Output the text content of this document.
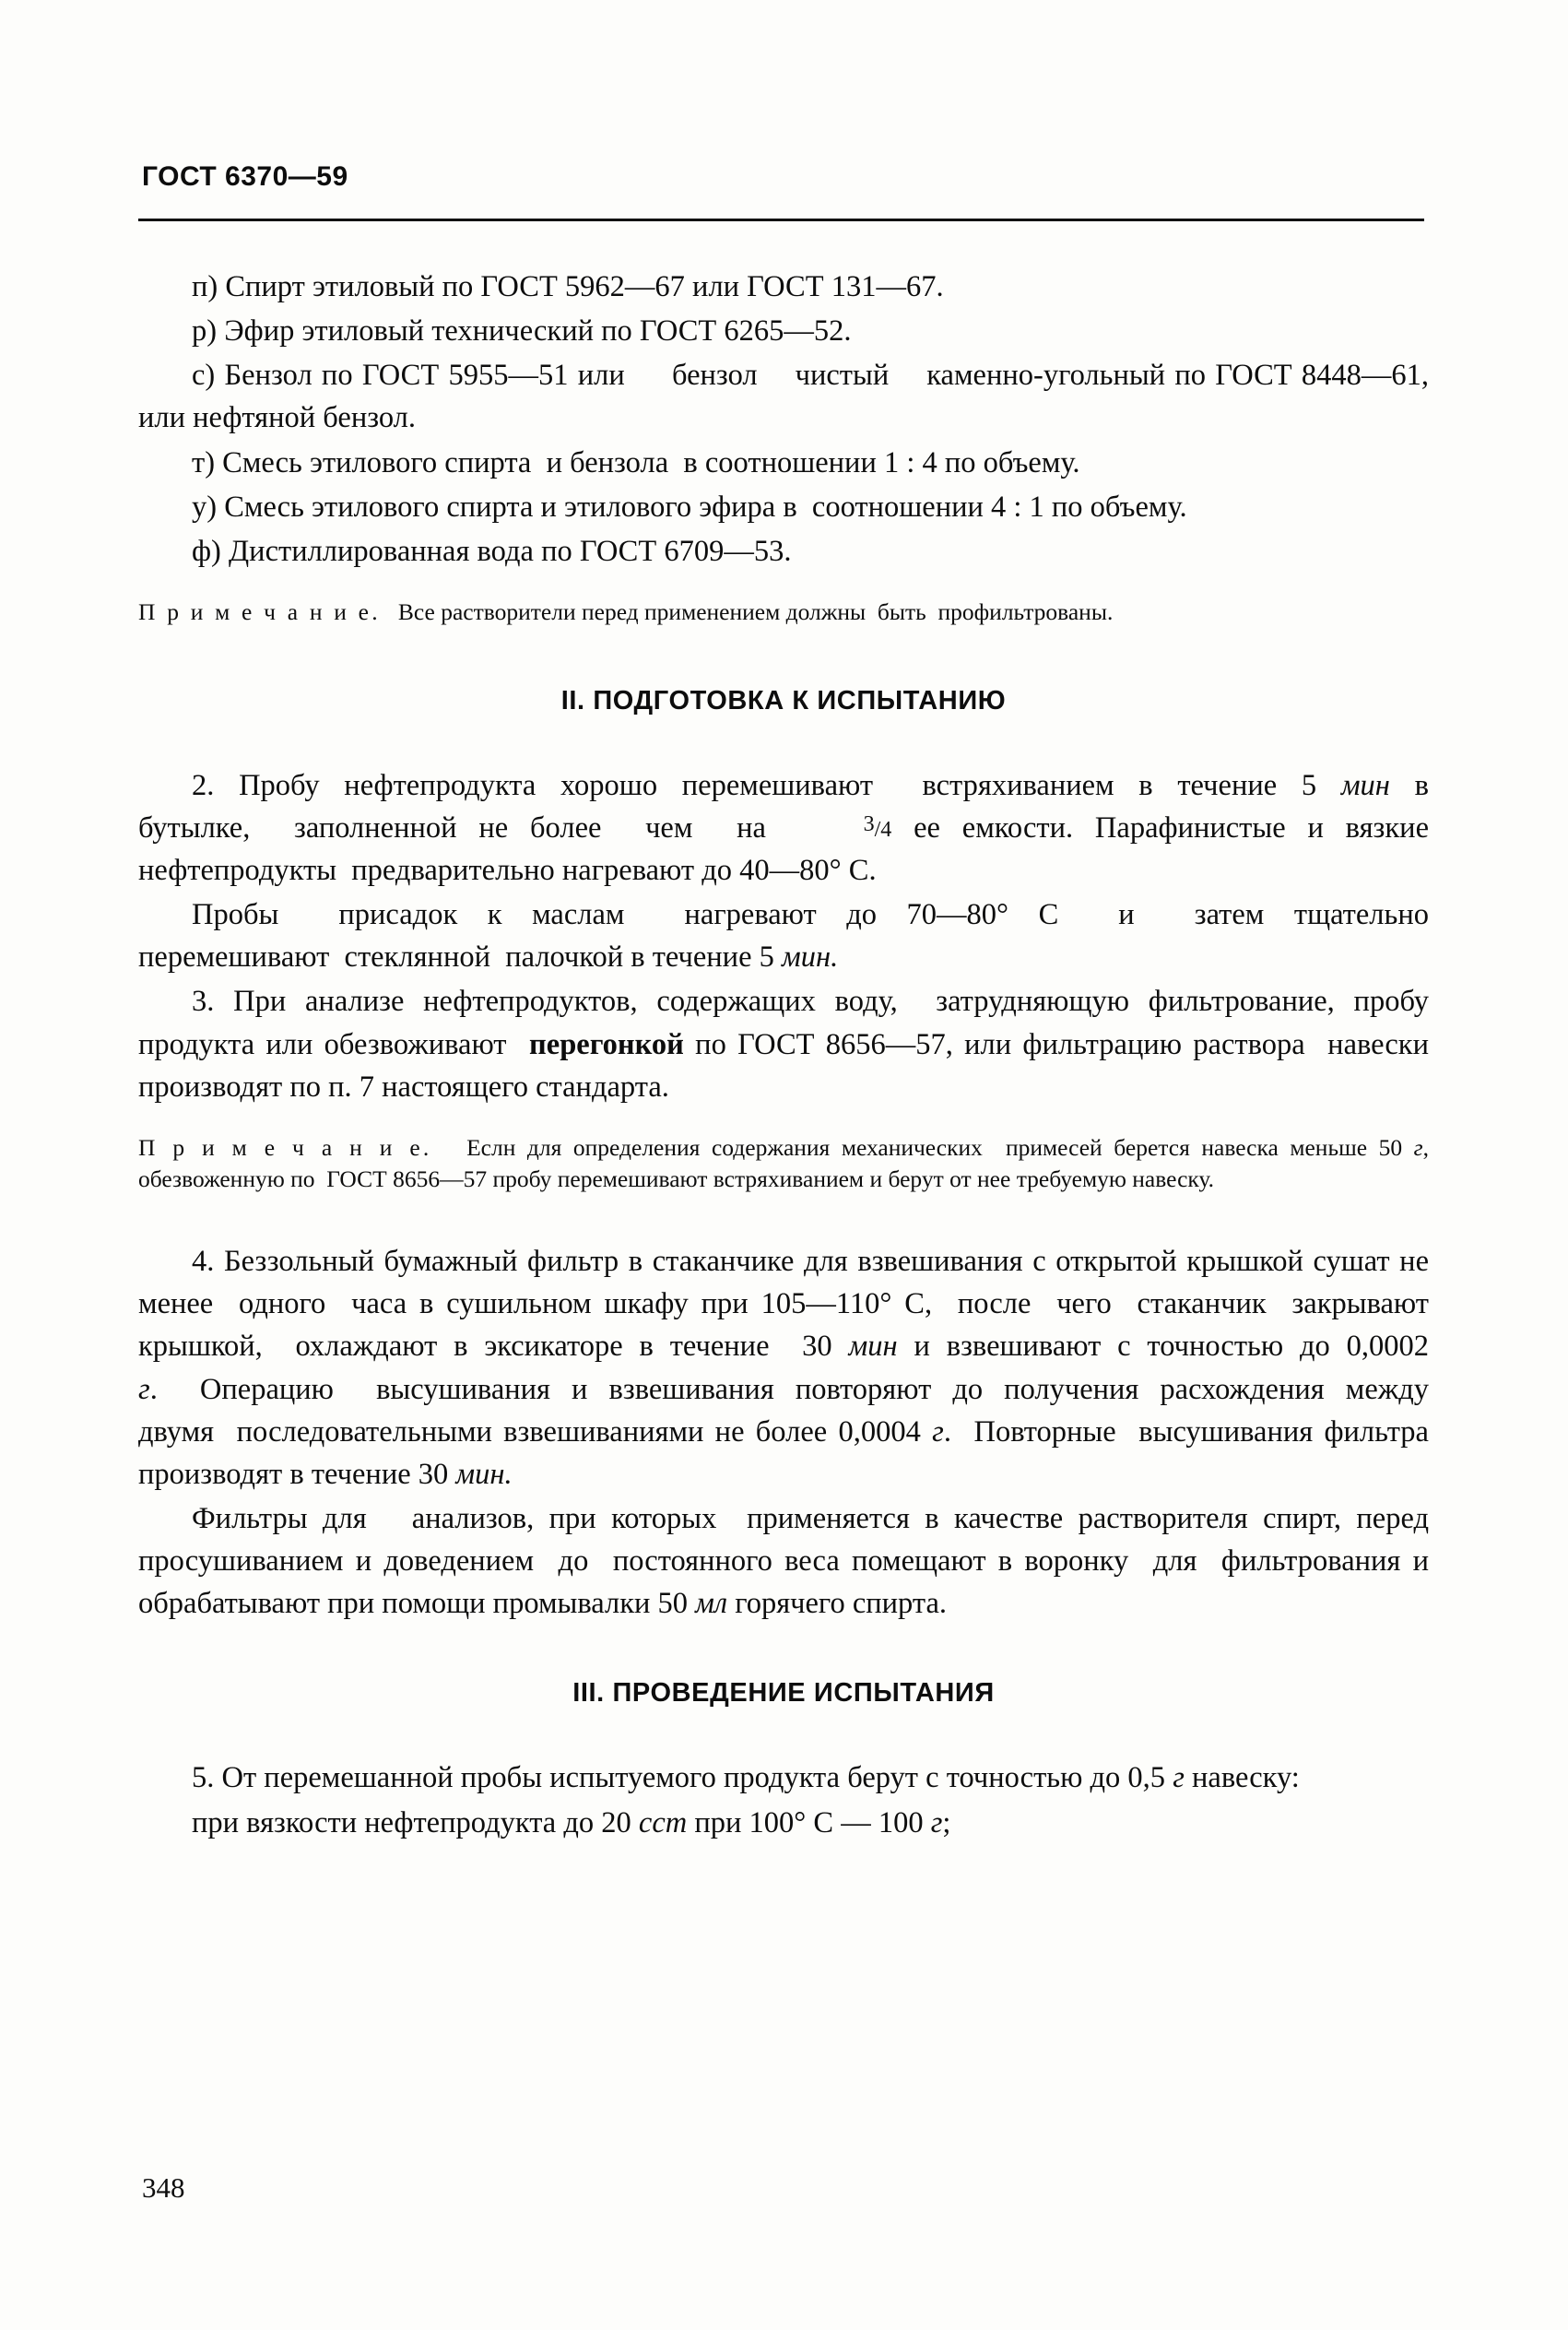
ГОСТ 6370—59

п) Спирт этиловый по ГОСТ 5962—67 или ГОСТ 131—67.

р) Эфир этиловый технический по ГОСТ 6265—52.

с) Бензол по ГОСТ 5955—51 или     бензол    чистый    каменно-угольный по ГОСТ 8448—61, или нефтяной бензол.

т) Смесь этилового спирта  и бензола  в соотношении 1 : 4 по объему.

у) Смесь этилового спирта и этилового эфира в  соотношении 4 : 1 по объему.

ф) Дистиллированная вода по ГОСТ 6709—53.

П р и м е ч а н и е.   Все растворители перед применением должны  быть  профильтрованы.

II. ПОДГОТОВКА К ИСПЫТАНИЮ

2. Пробу нефтепродукта хорошо перемешивают  встряхиванием в течение 5 мин в бутылке,  заполненной не более  чем  на  $^3$/4 ее емкости. Парафинистые и вязкие нефтепродукты  предварительно нагревают до 40—80° С.

Пробы  присадок к маслам  нагревают до 70—80° C  и  затем тщательно перемешивают  стеклянной  палочкой в течение 5 мин.

3. При анализе нефтепродуктов, содержащих воду,  затрудняющую фильтрование, пробу продукта или обезвоживают  перегонкой по ГОСТ 8656—57, или фильтрацию раствора  навески производят по п. 7 настоящего стандарта.

П р и м е ч а н и е.   Еслн для определения содержания механических  примесей берется навеска меньше 50 г, обезвоженную по  ГОСТ 8656—57 пробу перемешивают встряхиванием и берут от нее требуемую навеску.

4. Беззольный бумажный фильтр в стаканчике для взвешивания с открытой крышкой сушат не менее  одного  часа в сушильном шкафу при 105—110° С,  после  чего  стаканчик  закрывают крышкой,  охлаждают в эксикаторе в течение  30 мин и взвешивают с точностью до 0,0002 г.  Операцию  высушивания и взвешивания повторяют до получения расхождения между двумя  последовательными взвешиваниями не более 0,0004 г.  Повторные  высушивания фильтра производят в течение 30 мин.

Фильтры для   анализов, при которых  применяется в качестве растворителя спирт, перед просушиванием и доведением  до  постоянного веса помещают в воронку  для  фильтрования и обрабатывают при помощи промывалки 50 мл горячего спирта.

III. ПРОВЕДЕНИЕ ИСПЫТАНИЯ

5. От перемешанной пробы испытуемого продукта берут с точностью до 0,5 г навеску:

при вязкости нефтепродукта до 20 сст при 100° С — 100 г;

348
